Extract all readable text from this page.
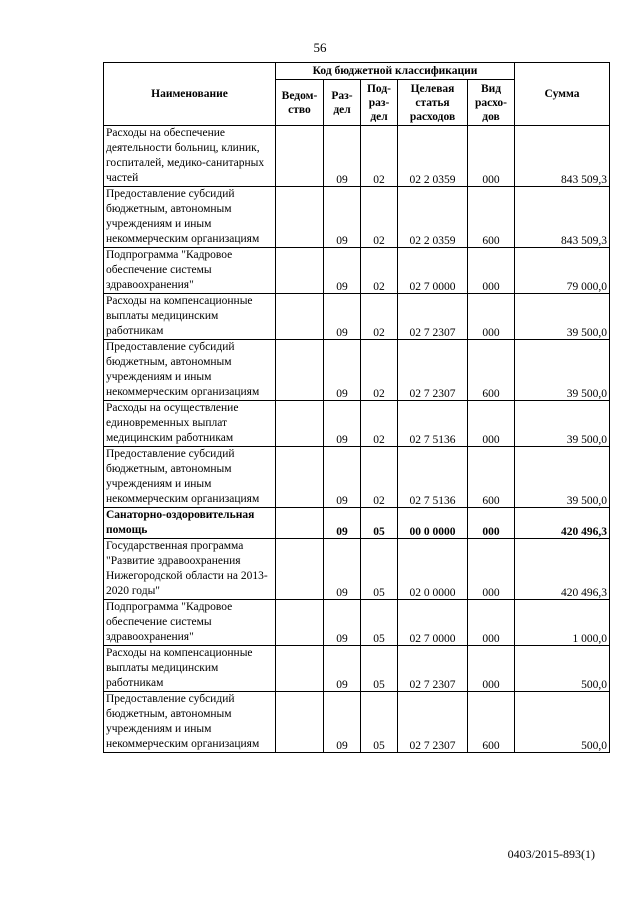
56
Наименование	Код бюджетной классификации					Сумма
	Ведом-ство	Раз-дел	Под-раз-дел	Целевая статья расходов	Вид расхо-дов	
Расходы на обеспечение деятельности больниц, клиник, госпиталей, медико-санитарных частей		09	02	02 2 0359	000	843 509,3
Предоставление субсидий бюджетным, автономным учреждениям и иным некоммерческим организациям		09	02	02 2 0359	600	843 509,3
Подпрограмма "Кадровое обеспечение системы здравоохранения"		09	02	02 7 0000	000	79 000,0
Расходы на компенсационные выплаты медицинским работникам		09	02	02 7 2307	000	39 500,0
Предоставление субсидий бюджетным, автономным учреждениям и иным некоммерческим организациям		09	02	02 7 2307	600	39 500,0
Расходы на осуществление единовременных выплат медицинским работникам		09	02	02 7 5136	000	39 500,0
Предоставление субсидий бюджетным, автономным учреждениям и иным некоммерческим организациям		09	02	02 7 5136	600	39 500,0
Санаторно-оздоровительная помощь		09	05	00 0 0000	000	420 496,3
Государственная программа "Развитие здравоохранения Нижегородской области на 2013-2020 годы"		09	05	02 0 0000	000	420 496,3
Подпрограмма "Кадровое обеспечение системы здравоохранения"		09	05	02 7 0000	000	1 000,0
Расходы на компенсационные выплаты медицинским работникам		09	05	02 7 2307	000	500,0
Предоставление субсидий бюджетным, автономным учреждениям и иным некоммерческим организациям		09	05	02 7 2307	600	500,0
0403/2015-893(1)
